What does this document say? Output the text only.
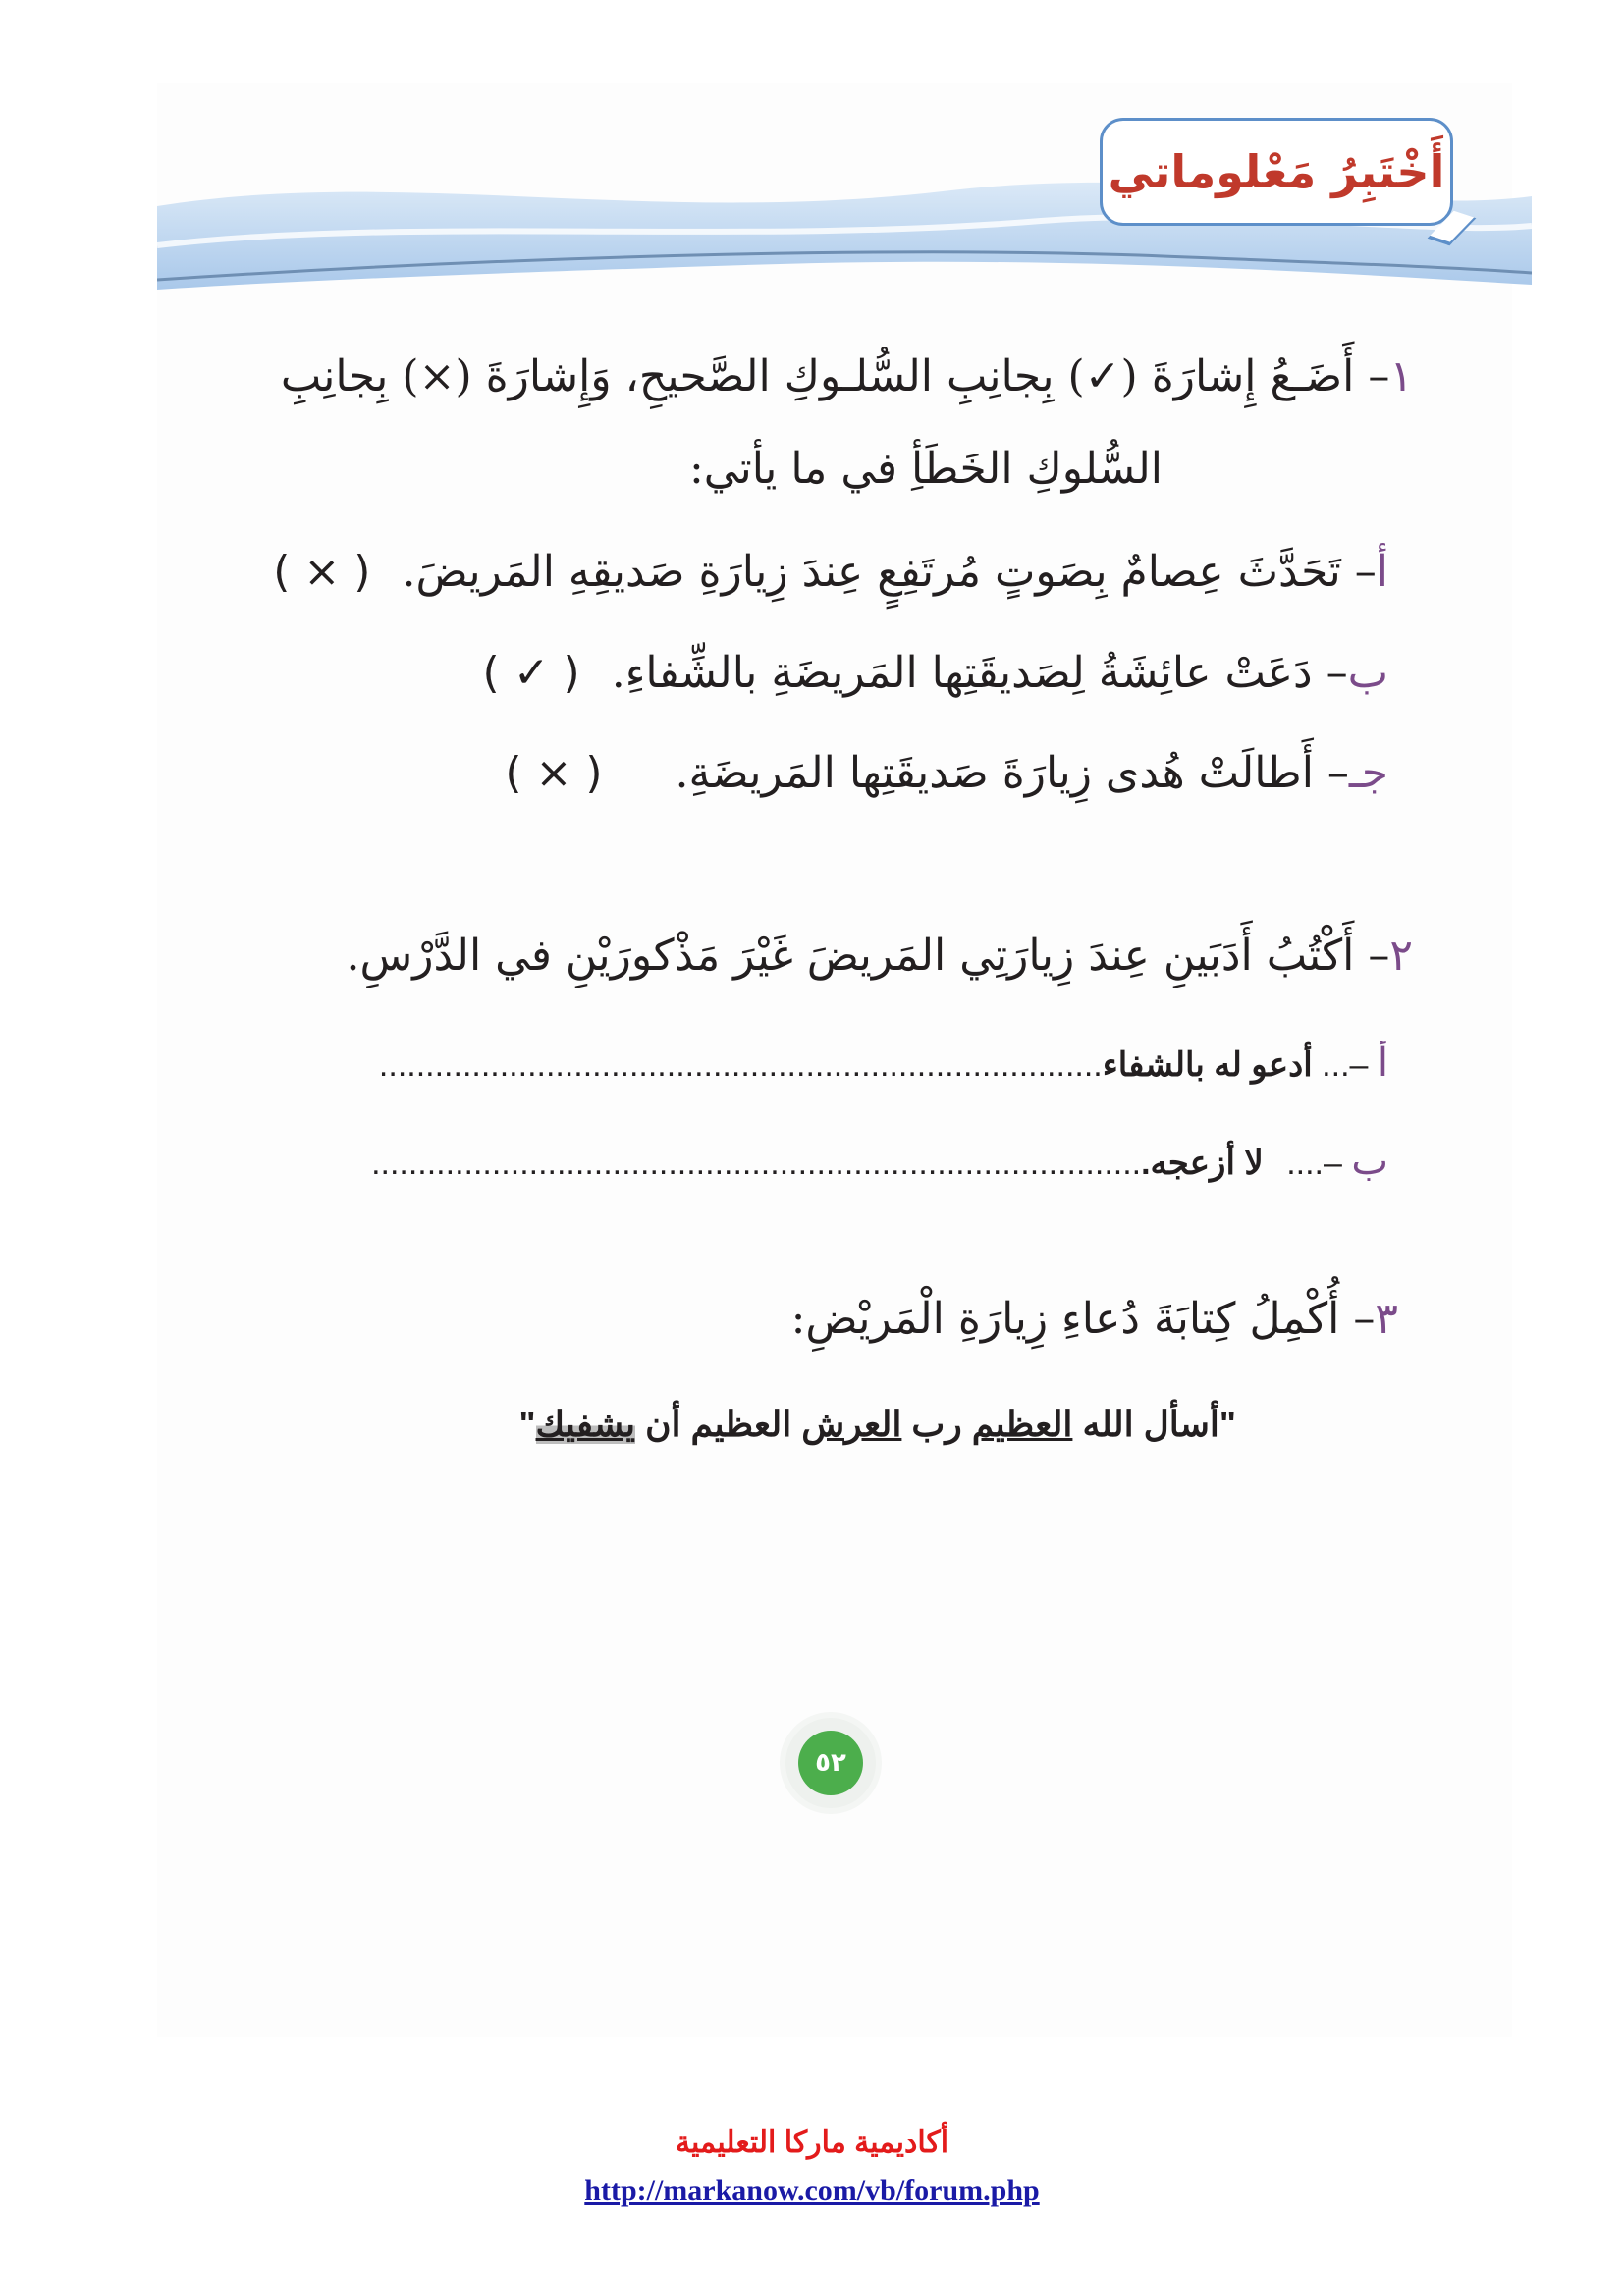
أَخْتَبِرُ مَعْلوماتي
١– أَضَـعُ إِشارَةَ (✓) بِجانِبِ السُّلـوكِ الصَّحيحِ، وَإِشارَةَ (×) بِجانِبِ
السُّلوكِ الخَطَأِ في ما يأتي:
أ– تَحَدَّثَ عِصامٌ بِصَوتٍ مُرتَفِعٍ عِندَ زِيارَةِ صَديقِهِ المَريضَ. ( × )
ب– دَعَتْ عائِشَةُ لِصَديقَتِها المَريضَةِ بالشِّفاءِ. ( ✓ )
جـ– أَطالَتْ هُدى زِيارَةَ صَديقَتِها المَريضَةِ. ( × )
٢– أَكْتُبُ أَدَبَينِ عِندَ زِيارَتِي المَريضَ غَيْرَ مَذْكورَيْنِ في الدَّرْسِ.
أ –... أدعو له بالشفاء..............................................................................
ب –.... لا أزعجه....................................................................................
٣– أُكْمِلُ كِتابَةَ دُعاءِ زِيارَةِ الْمَريْضِ:
"أسأل الله العظيم رب العرش العظيم أن يشفيك"
٥٢
أكاديمية ماركا التعليمية
http://markanow.com/vb/forum.php
